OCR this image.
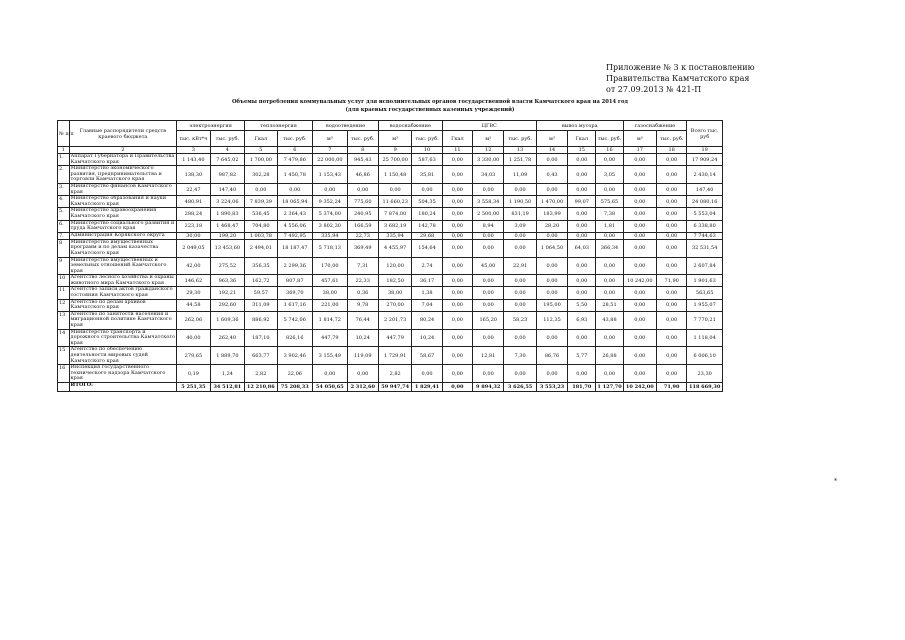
Приложение № 3 к постановлению
Правительства Камчатского края
от 27.09.2013 № 421-П
Объемы потребления коммунальных услуг для исполнительных органов государственной власти Камчатского края на 2014 год
(для краевых государственных казенных учреждений)
№ п/п	Главные распорядители средств краевого бюджета	электроэнергия		теплоэнергия		водоотведение		водоснабжение		ЦГВС			вывоз мусора			газоснабжение		Всего тыс. руб
		тыс. кВт*ч	тыс. руб.	Гкал	тыс. руб.	м³	тыс. руб.	м³	тыс. руб.	Гкал	м³	тыс. руб.	м³	Гкал	тыс. руб.	м³	тыс. руб.	
1	2	3	4	5	6	7	8	9	10	11	12	13	14	15	16	17	18	19
1.	Аппарат Губернатора и Правительства Камчатского края	1 143,40	7 645,02	1 700,00	7 479,86	22 000,00	945,43	25 700,00	587,63	0,00	3 330,00	1 251,78	0,00	0,00	0,00	0,00	0,00	17 909,24
2.	Министерство экономического развития, предпринимательства и торговли Камчатского края	138,30	987,82	302,28	1 450,78	1 153,43	46,86	1 150,48	35,81	0,00	34,03	11,09	0,43	0,00	3,05	0,00	0,00	2 430,14
3.	Министерство финансов Камчатского края	22,47	147,40	0,00	0,00	0,00	0,00	0,00	0,00	0,00	0,00	0,00	0,00	0,00	0,00	0,00	0,00	147,40
4.	Министерство образования и науки Камчатского края	480,91	3 224,06	7 839,39	18 065,94	9 352,24	775,60	11 660,23	504,35	0,00	3 558,34	1 190,50	1 470,00	99,07	575,65	0,00	0,00	24 080,16
5.	Министерство здравоохранения Камчатского края	288,24	1 890,83	536,45	2 364,43	5 374,00	240,95	7 874,00	180,24	0,00	2 500,00	831,19	183,99	0,00	7,38	0,00	0,00	5 553,04
6.	Министерство социального развития и труда Камчатского края	223,18	1 468,47	704,80	4 556,06	3 802,30	166,59	3 682,19	142,78	0,00	8,94	3,09	28,20	0,00	1,81	0,00	0,00	6 338,80
7.	Администрация Корякского округа	30,00	199,20	1 003,78	7 492,95	335,94	22,73	335,94	29,68	0,00	0,00	0,00	0,00	0,00	0,00	0,00	0,00	7 744,63
8	Министерство имущественных программ и по делам казачества Камчатского края	2 049,05	13 453,60	2 494,01	18 187,47	5 718,13	369,49	4 455,97	154,64	0,00	0,00	0,00	1 064,50	64,03	366,34	0,00	0,00	32 531,54
9	Министерство имущественных и земельных отношений Камчатского края	42,00	275,52	356,35	2 299,36	170,00	7,31	120,00	2,74	0,00	45,00	22,91	0,00	0,00	0,00	0,00	0,00	2 607,84
10	Агентство лесного хозяйства и охраны животного мира Камчатского края	146,62	963,36	162,72	807,87	457,61	22,33	182,50	36,17	0,00	0,00	0,00	0,00	0,00	0,00	10 242,00	71,90	1 901,63
11	Агентство записи актов гражданского состояния Камчатского края	29,30	192,21	59,57	369,70	38,00	0,36	38,00	1,38	0,00	0,00	0,00	0,00	0,00	0,00	0,00	0,00	563,65
12	Агентство по делам архивов Камчатского края	44,58	292,60	311,09	1 617,16	221,00	9,78	270,00	7,04	0,00	0,00	0,00	195,00	5,50	28,51	0,00	0,00	1 955,07
13	Агентство по занятости населения и миграционной политике Камчатского края	262,06	1 609,36	886,92	5 742,06	1 814,72	76,44	2 201,73	80,24	0,00	165,20	58,23	112,35	6,93	43,88	0,00	0,00	7 770,21
14	Министерство транспорта и дорожного строительства Камчатского края	40,00	262,40	187,10	826,16	447,79	10,24	447,79	10,24	0,00	0,00	0,00	0,00	0,00	0,00	0,00	0,00	1 118,04
15	Агентство по обеспечению деятельности мировых судей Камчатского края	279,65	1 889,70	663,77	3 902,46	3 155,49	119,09	1 729,91	58,67	0,00	12,81	7,30	86,76	5,77	26,88	0,00	0,00	6 006,10
16	Инспекция государственного технического надзора Камчатского края	0,19	1,24	2,82	22,06	0,00	0,00	2,82	0,00	0,00	0,00	0,00	0,00	0,00	0,00	0,00	0,00	23,30
	ИТОГО:	5 251,35	34 512,81	12 210,86	75 208,33	54 050,65	2 312,60	59 947,74	1 829,41	0,00	9 894,32	3 626,55	3 553,23	181,70	1 127,70	10 242,00	71,90	118 669,30
*
